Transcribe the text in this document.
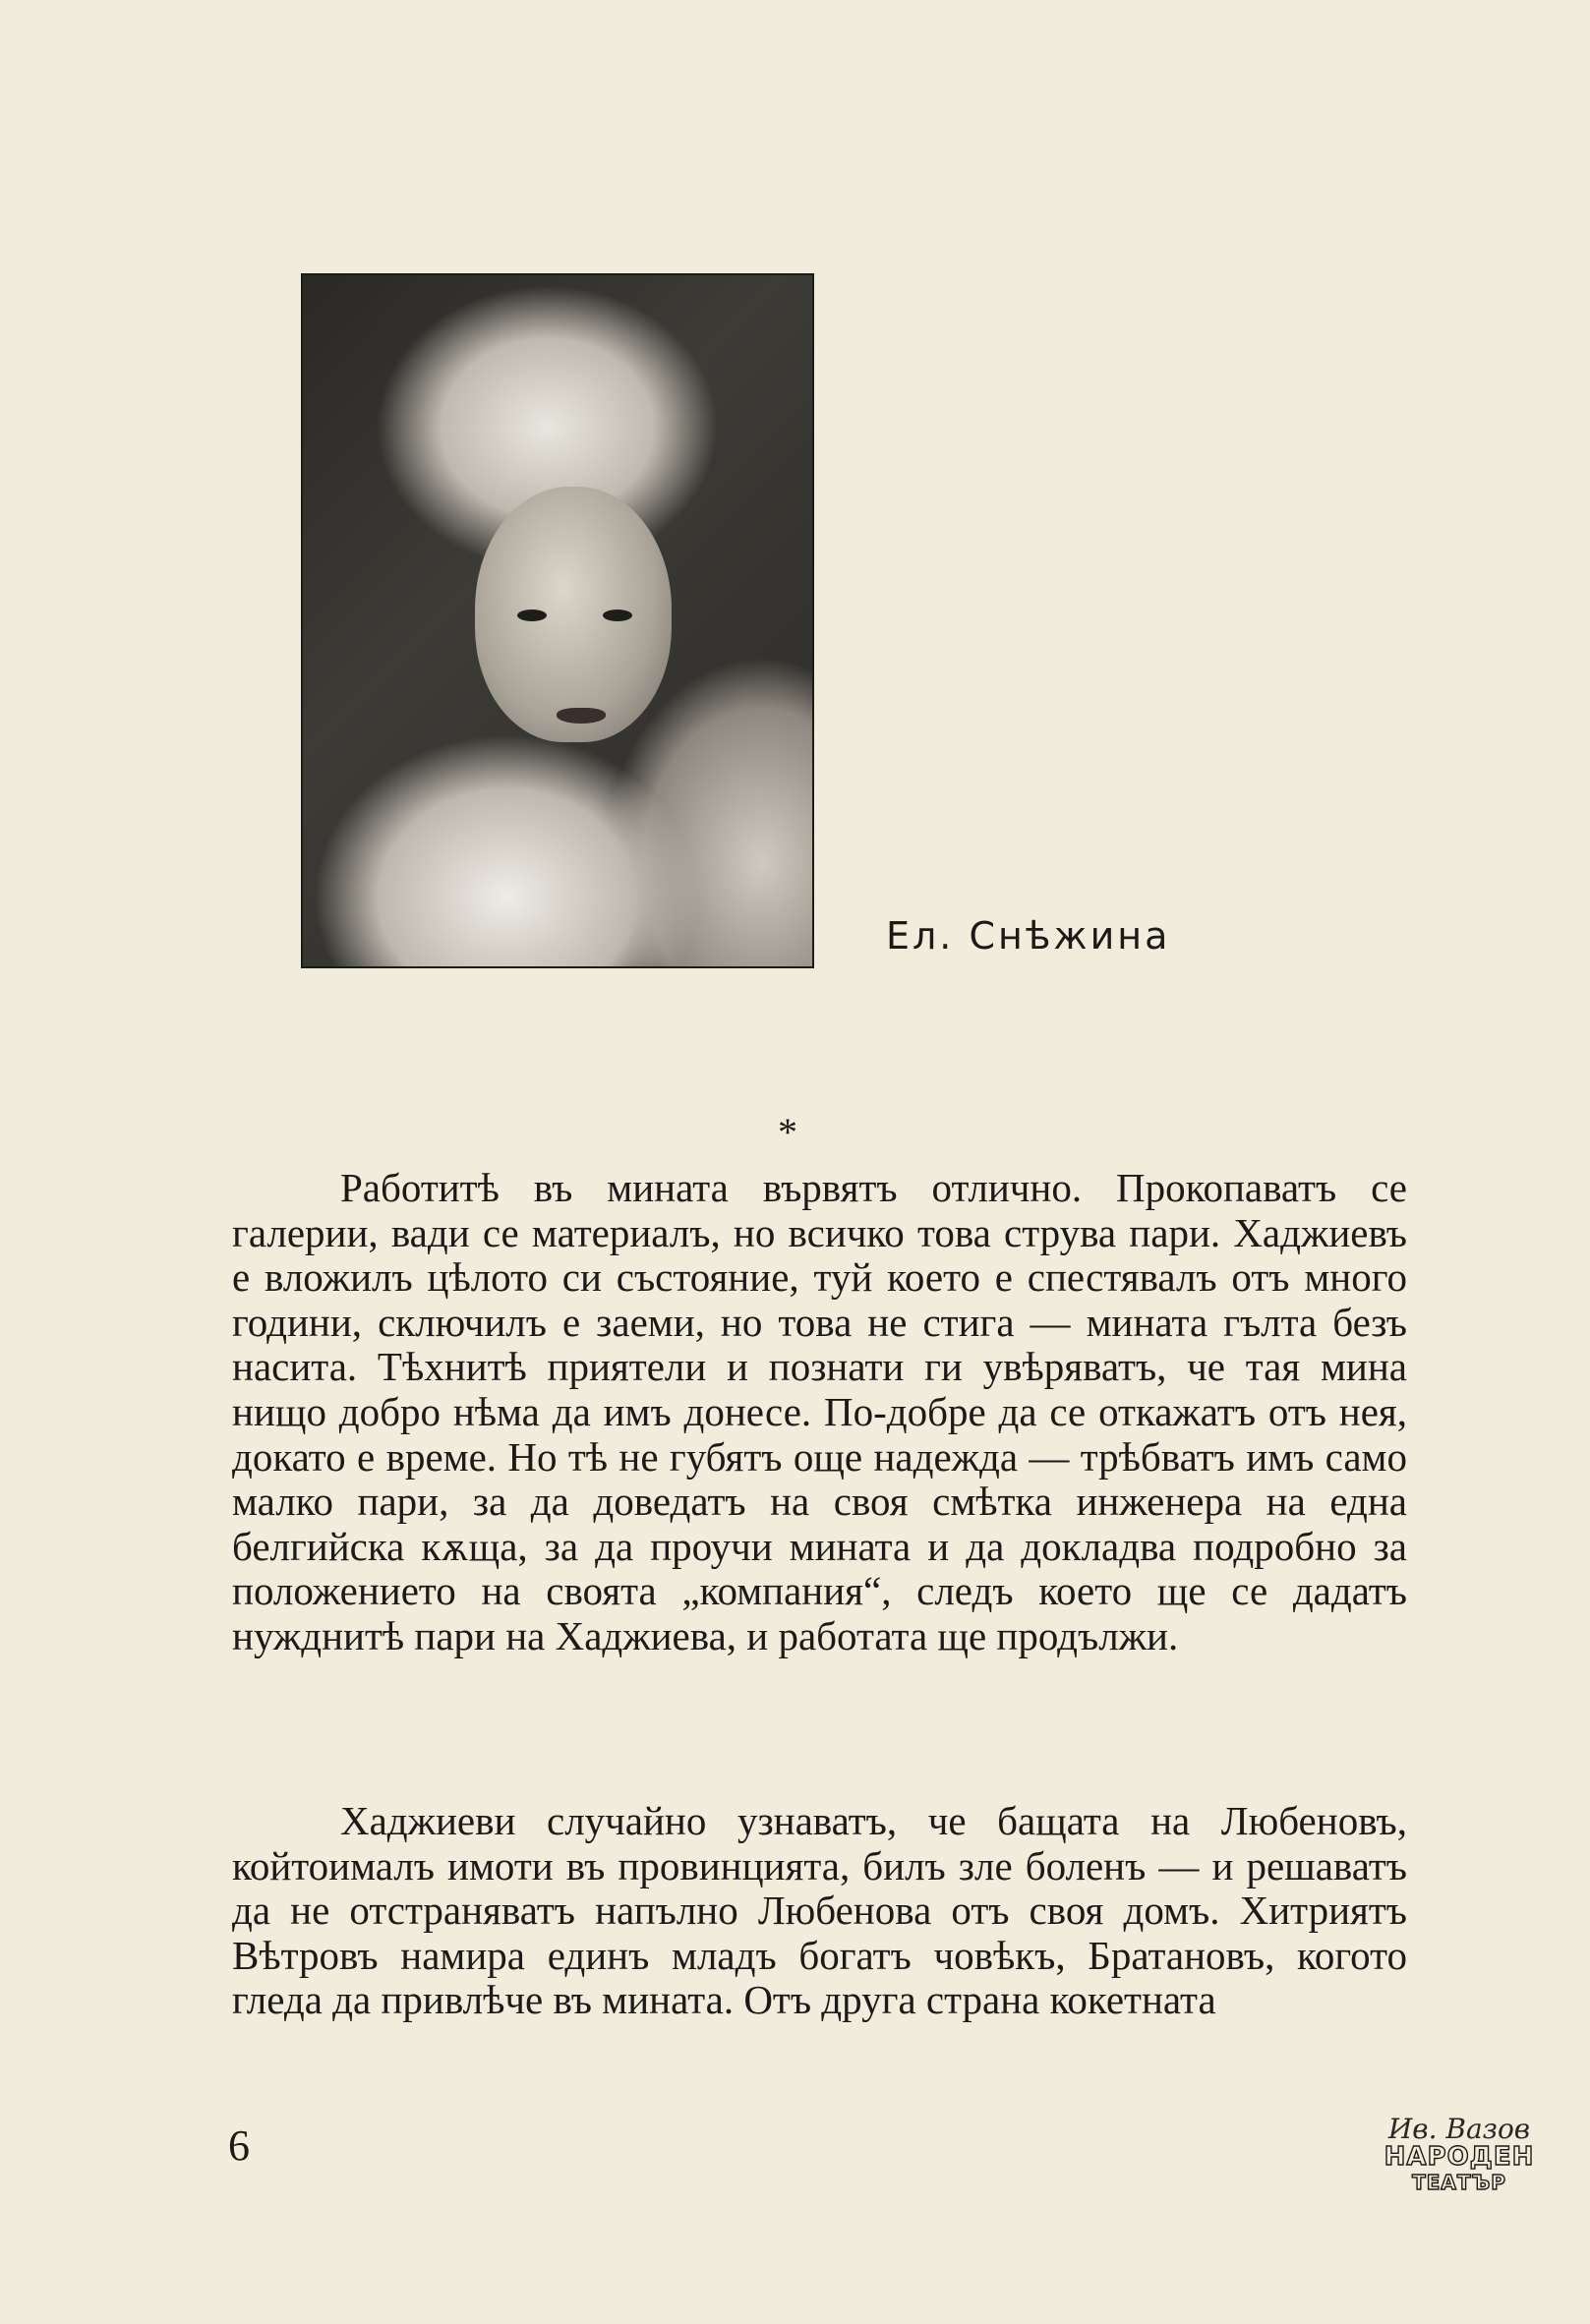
Ел. Снѣжина
*

Работитѣ въ мината вървятъ отлично. Прокопаватъ се галерии, вади се материалъ, но всичко това струва пари. Хаджиевъ е вложилъ цѣлото си състояние, туй което е спестявалъ отъ много години, сключилъ е заеми, но това не стига — мината гълта безъ насита. Тѣхнитѣ приятели и познати ги увѣряватъ, че тая мина нищо добро нѣма да имъ донесе. По-добре да се откажатъ отъ нея, докато е време. Но тѣ не губятъ още надежда — трѣбватъ имъ само малко пари, за да доведатъ на своя смѣтка инженера на една белгийска кѫща, за да проучи мината и да докладва подробно за положението на своята „компания“, следъ което ще се дадатъ нужднитѣ пари на Хаджиева, и работата ще продължи.

Хаджиеви случайно узнаватъ, че бащата на Любеновъ, койтоималъ имоти въ провинцията, билъ зле боленъ — и решаватъ да не отстраняватъ напълно Любенова отъ своя домъ. Хитриятъ Вѣтровъ намира единъ младъ богатъ човѣкъ, Братановъ, когото гледа да привлѣче въ мината. Отъ друга страна кокетната

6	Ив. Вазов
НАРОДЕН
ТЕАТЪР
